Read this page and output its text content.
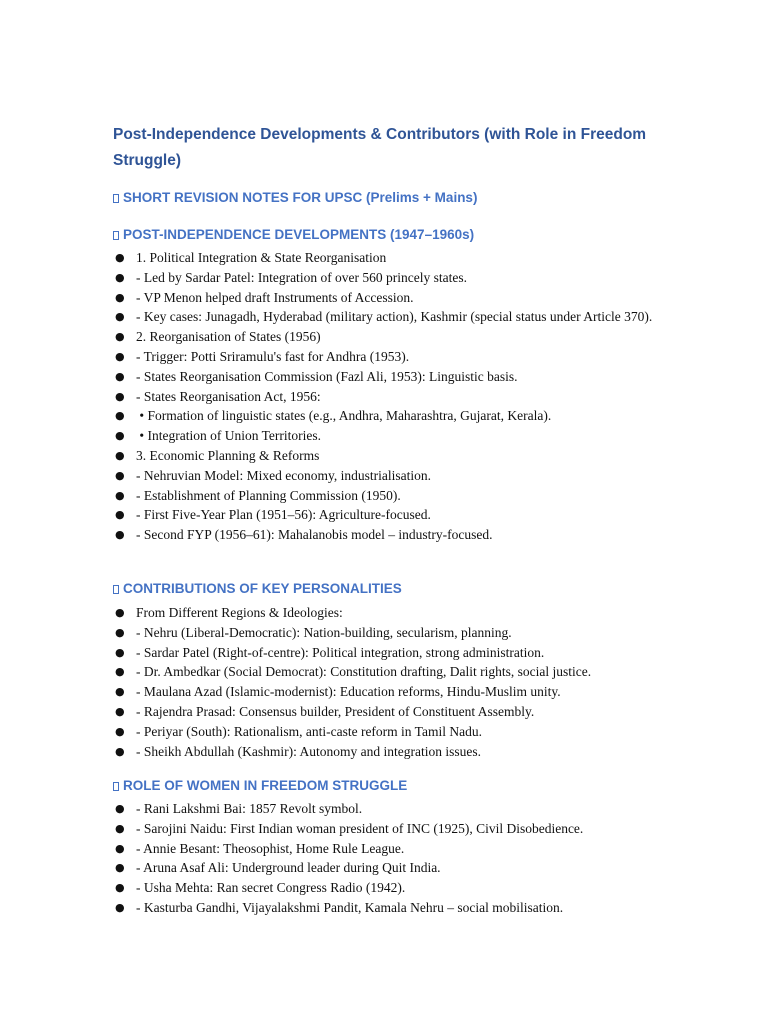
Post-Independence Developments & Contributors (with Role in Freedom Struggle)
SHORT REVISION NOTES FOR UPSC (Prelims + Mains)
POST-INDEPENDENCE DEVELOPMENTS (1947–1960s)
● 1. Political Integration & State Reorganisation
● - Led by Sardar Patel: Integration of over 560 princely states.
● - VP Menon helped draft Instruments of Accession.
● - Key cases: Junagadh, Hyderabad (military action), Kashmir (special status under Article 370).
● 2. Reorganisation of States (1956)
● - Trigger: Potti Sriramulu's fast for Andhra (1953).
● - States Reorganisation Commission (Fazl Ali, 1953): Linguistic basis.
● - States Reorganisation Act, 1956:
● • Formation of linguistic states (e.g., Andhra, Maharashtra, Gujarat, Kerala).
● • Integration of Union Territories.
● 3. Economic Planning & Reforms
● - Nehruvian Model: Mixed economy, industrialisation.
● - Establishment of Planning Commission (1950).
● - First Five-Year Plan (1951–56): Agriculture-focused.
● - Second FYP (1956–61): Mahalanobis model – industry-focused.
CONTRIBUTIONS OF KEY PERSONALITIES
● From Different Regions & Ideologies:
● - Nehru (Liberal-Democratic): Nation-building, secularism, planning.
● - Sardar Patel (Right-of-centre): Political integration, strong administration.
● - Dr. Ambedkar (Social Democrat): Constitution drafting, Dalit rights, social justice.
● - Maulana Azad (Islamic-modernist): Education reforms, Hindu-Muslim unity.
● - Rajendra Prasad: Consensus builder, President of Constituent Assembly.
● - Periyar (South): Rationalism, anti-caste reform in Tamil Nadu.
● - Sheikh Abdullah (Kashmir): Autonomy and integration issues.
ROLE OF WOMEN IN FREEDOM STRUGGLE
● - Rani Lakshmi Bai: 1857 Revolt symbol.
● - Sarojini Naidu: First Indian woman president of INC (1925), Civil Disobedience.
● - Annie Besant: Theosophist, Home Rule League.
● - Aruna Asaf Ali: Underground leader during Quit India.
● - Usha Mehta: Ran secret Congress Radio (1942).
● - Kasturba Gandhi, Vijayalakshmi Pandit, Kamala Nehru – social mobilisation.
